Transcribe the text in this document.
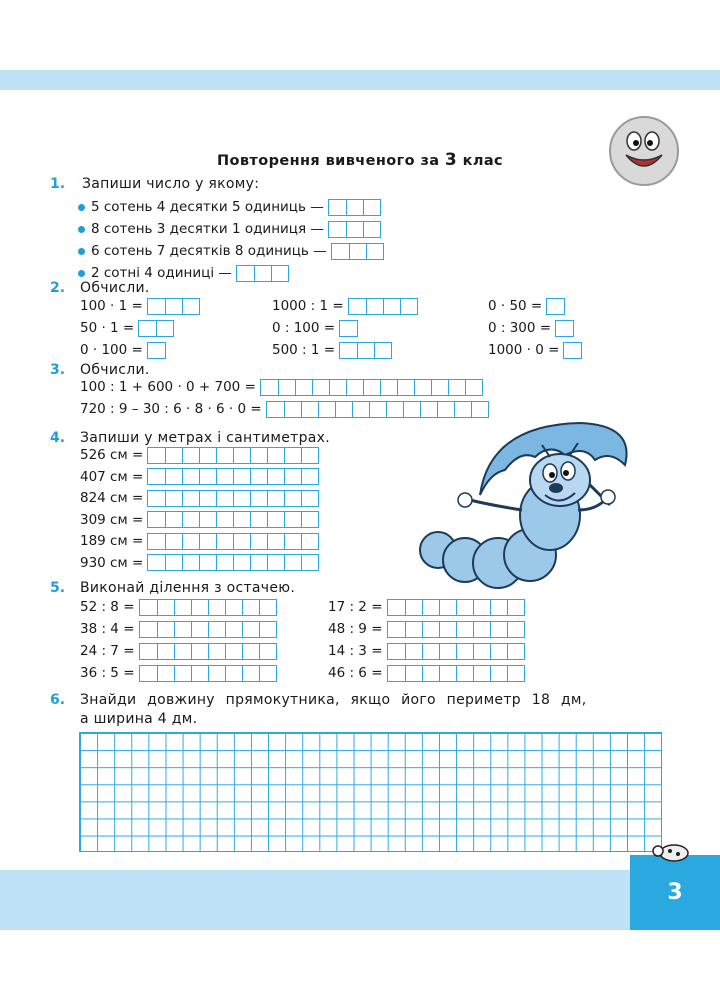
3
Повторення вивченого за 3 клас
1.	Запиши число у якому:
5 сотень 4 десятки 5 одиниць —
8 сотень 3 десятки 1 одиниця —
6 сотень 7 десятків 8 одиниць —
2 сотні 4 одиниці —
2.	Обчисли.
100 · 1 =	1000 : 1 =	0 · 50 =
50 · 1 =	0 : 100 =	0 : 300 =
0 · 100 =	500 : 1 =	1000 · 0 =
3.	Обчисли.
100 : 1 + 600 · 0 + 700 =
720 : 9 – 30 : 6 · 8 · 6 · 0 =
4.	Запиши у метрах і сантиметрах.
526 см =
407 см =
824 см =
309 см =
189 см =
930 см =
5.	Виконай ділення з остачею.
52 : 8 =	17 : 2 =
38 : 4 =	48 : 9 =
24 : 7 =	14 : 3 =
36 : 5 =	46 : 6 =
6.	Знайди довжину прямокутника, якщо його периметр 18 дм,
а ширина 4 дм.
